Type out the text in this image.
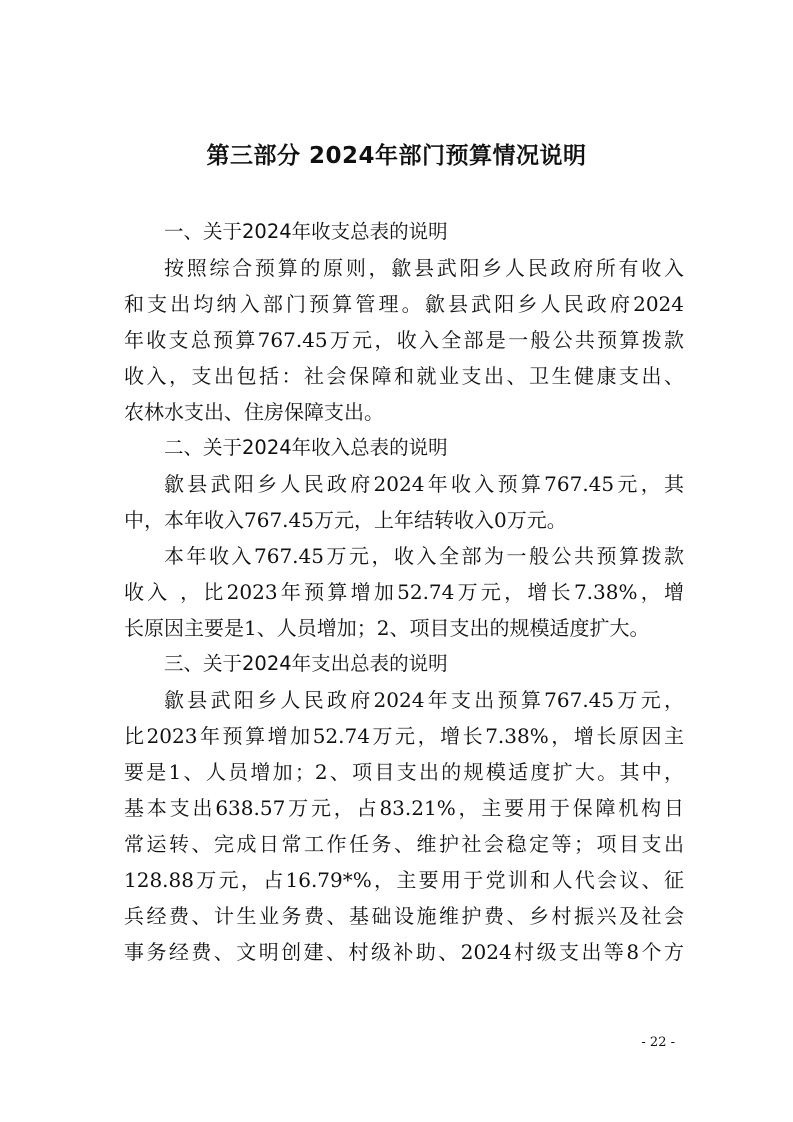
第三部分 2024年部门预算情况说明
一、关于2024年收支总表的说明
按照综合预算的原则，歙县武阳乡人民政府所有收入
和支出均纳入部门预算管理。歙县武阳乡人民政府2024
年收支总预算767.45万元，收入全部是一般公共预算拨款
收入，支出包括：社会保障和就业支出、卫生健康支出、
农林水支出、住房保障支出。
二、关于2024年收入总表的说明
歙县武阳乡人民政府2024年收入预算767.45元，其
中，本年收入767.45万元，上年结转收入0万元。
本年收入767.45万元，收入全部为一般公共预算拨款
收入 ，比2023年预算增加52.74万元，增长7.38%，增
长原因主要是1、人员增加；2、项目支出的规模适度扩大。
三、关于2024年支出总表的说明
歙县武阳乡人民政府2024年支出预算767.45万元，
比2023年预算增加52.74万元，增长7.38%，增长原因主
要是1、人员增加；2、项目支出的规模适度扩大。其中，
基本支出638.57万元，占83.21%，主要用于保障机构日
常运转、完成日常工作任务、维护社会稳定等；项目支出
128.88万元，占16.79*%，主要用于党训和人代会议、征
兵经费、计生业务费、基础设施维护费、乡村振兴及社会
事务经费、文明创建、村级补助、2024村级支出等8个方
- 22 -
